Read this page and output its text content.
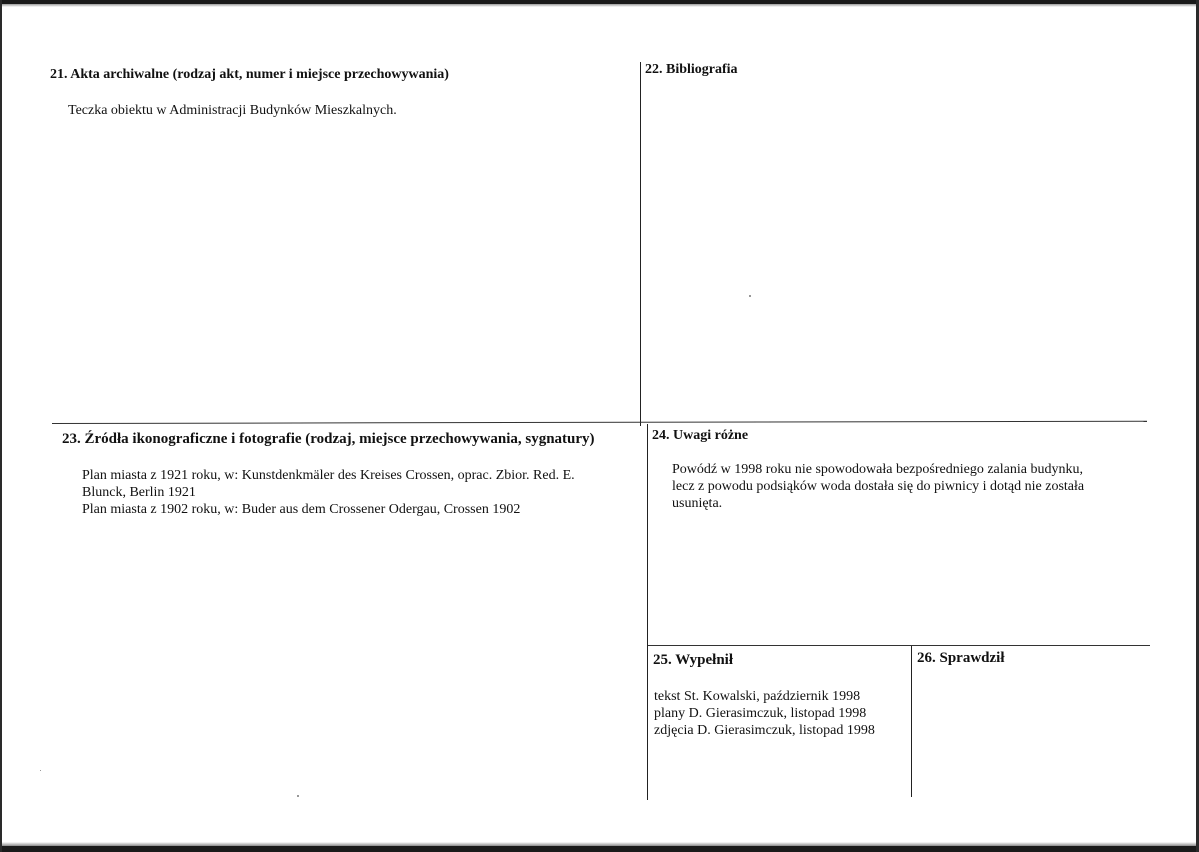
21. Akta archiwalne (rodzaj akt, numer i miejsce przechowywania)
Teczka obiektu w Administracji Budynków Mieszkalnych.
22. Bibliografia
23. Źródła ikonograficzne i fotografie (rodzaj, miejsce przechowywania, sygnatury)
Plan miasta z 1921 roku, w: Kunstdenkmäler des Kreises Crossen, oprac. Zbior. Red. E.
Blunck, Berlin 1921
Plan miasta z 1902 roku, w: Buder aus dem Crossener Odergau, Crossen 1902
24. Uwagi różne
Powódź w 1998 roku nie spowodowała bezpośredniego zalania budynku,
lecz z powodu podsiąków woda dostała się do piwnicy i dotąd nie została
usunięta.
25. Wypełnił
tekst St. Kowalski, październik 1998
plany D. Gierasimczuk, listopad 1998
zdjęcia D. Gierasimczuk, listopad 1998
26. Sprawdził
